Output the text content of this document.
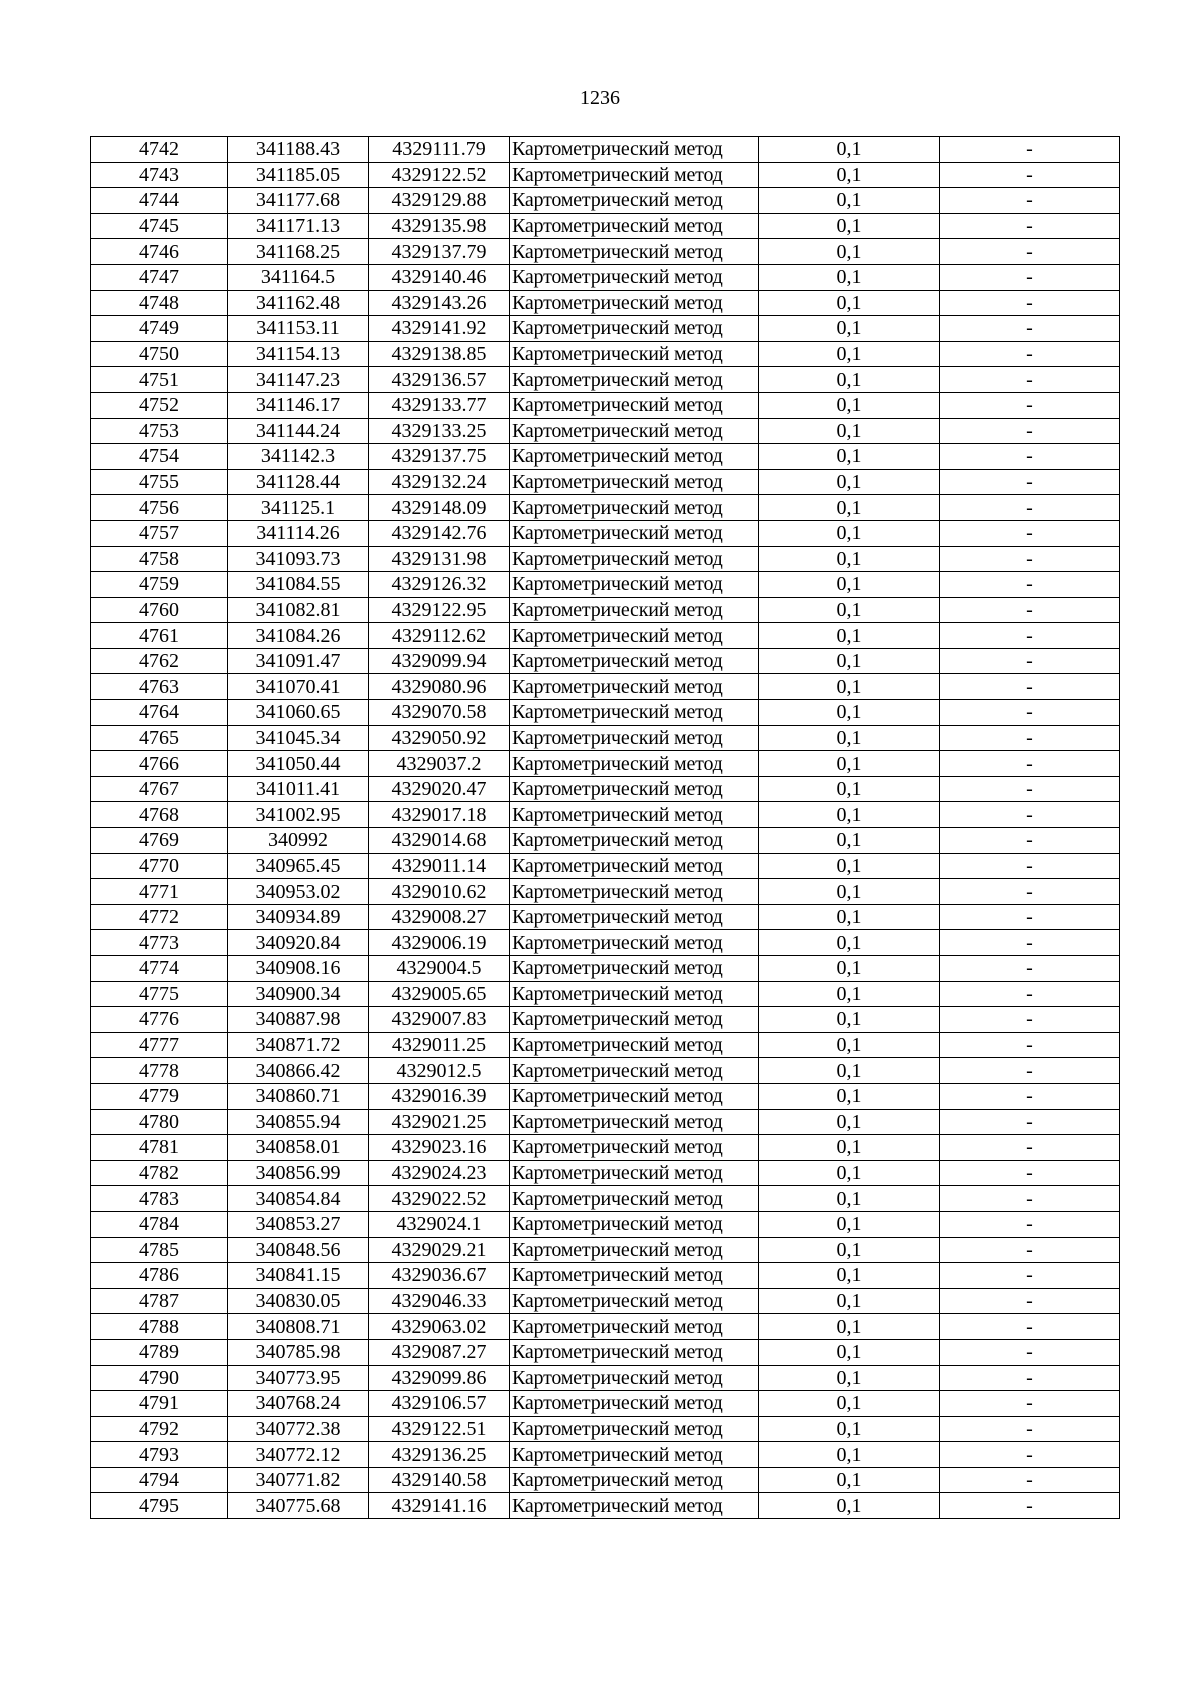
1236
4742	341188.43	4329111.79	Картометрический метод	0,1	-
4743	341185.05	4329122.52	Картометрический метод	0,1	-
4744	341177.68	4329129.88	Картометрический метод	0,1	-
4745	341171.13	4329135.98	Картометрический метод	0,1	-
4746	341168.25	4329137.79	Картометрический метод	0,1	-
4747	341164.5	4329140.46	Картометрический метод	0,1	-
4748	341162.48	4329143.26	Картометрический метод	0,1	-
4749	341153.11	4329141.92	Картометрический метод	0,1	-
4750	341154.13	4329138.85	Картометрический метод	0,1	-
4751	341147.23	4329136.57	Картометрический метод	0,1	-
4752	341146.17	4329133.77	Картометрический метод	0,1	-
4753	341144.24	4329133.25	Картометрический метод	0,1	-
4754	341142.3	4329137.75	Картометрический метод	0,1	-
4755	341128.44	4329132.24	Картометрический метод	0,1	-
4756	341125.1	4329148.09	Картометрический метод	0,1	-
4757	341114.26	4329142.76	Картометрический метод	0,1	-
4758	341093.73	4329131.98	Картометрический метод	0,1	-
4759	341084.55	4329126.32	Картометрический метод	0,1	-
4760	341082.81	4329122.95	Картометрический метод	0,1	-
4761	341084.26	4329112.62	Картометрический метод	0,1	-
4762	341091.47	4329099.94	Картометрический метод	0,1	-
4763	341070.41	4329080.96	Картометрический метод	0,1	-
4764	341060.65	4329070.58	Картометрический метод	0,1	-
4765	341045.34	4329050.92	Картометрический метод	0,1	-
4766	341050.44	4329037.2	Картометрический метод	0,1	-
4767	341011.41	4329020.47	Картометрический метод	0,1	-
4768	341002.95	4329017.18	Картометрический метод	0,1	-
4769	340992	4329014.68	Картометрический метод	0,1	-
4770	340965.45	4329011.14	Картометрический метод	0,1	-
4771	340953.02	4329010.62	Картометрический метод	0,1	-
4772	340934.89	4329008.27	Картометрический метод	0,1	-
4773	340920.84	4329006.19	Картометрический метод	0,1	-
4774	340908.16	4329004.5	Картометрический метод	0,1	-
4775	340900.34	4329005.65	Картометрический метод	0,1	-
4776	340887.98	4329007.83	Картометрический метод	0,1	-
4777	340871.72	4329011.25	Картометрический метод	0,1	-
4778	340866.42	4329012.5	Картометрический метод	0,1	-
4779	340860.71	4329016.39	Картометрический метод	0,1	-
4780	340855.94	4329021.25	Картометрический метод	0,1	-
4781	340858.01	4329023.16	Картометрический метод	0,1	-
4782	340856.99	4329024.23	Картометрический метод	0,1	-
4783	340854.84	4329022.52	Картометрический метод	0,1	-
4784	340853.27	4329024.1	Картометрический метод	0,1	-
4785	340848.56	4329029.21	Картометрический метод	0,1	-
4786	340841.15	4329036.67	Картометрический метод	0,1	-
4787	340830.05	4329046.33	Картометрический метод	0,1	-
4788	340808.71	4329063.02	Картометрический метод	0,1	-
4789	340785.98	4329087.27	Картометрический метод	0,1	-
4790	340773.95	4329099.86	Картометрический метод	0,1	-
4791	340768.24	4329106.57	Картометрический метод	0,1	-
4792	340772.38	4329122.51	Картометрический метод	0,1	-
4793	340772.12	4329136.25	Картометрический метод	0,1	-
4794	340771.82	4329140.58	Картометрический метод	0,1	-
4795	340775.68	4329141.16	Картометрический метод	0,1	-
